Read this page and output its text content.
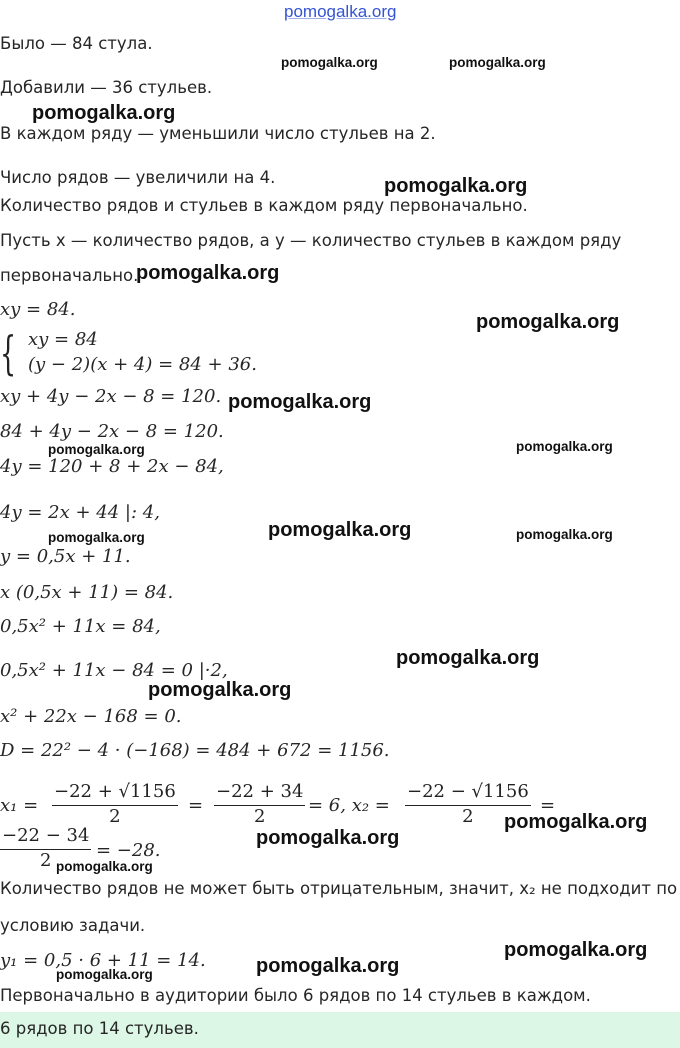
Было — 84 стула.
Добавили — 36 стульев.
В каждом ряду — уменьшили число стульев на 2.
Число рядов — увеличили на 4.
Количество рядов и стульев в каждом ряду первоначально.
Пусть x — количество рядов, а y — количество стульев в каждом ряду
первоначально.
xy = 84.
{ xy = 84
(y − 2)(x + 4) = 84 + 36.
xy + 4y − 2x − 8 = 120.
84 + 4y − 2x − 8 = 120.
4y = 120 + 8 + 2x − 84,
4y = 2x + 44 |: 4,
y = 0,5x + 11.
x (0,5x + 11) = 84.
0,5x² + 11x = 84,
0,5x² + 11x − 84 = 0 |·2,
x² + 22x − 168 = 0.
D = 22² − 4 · (−168) = 484 + 672 = 1156.
$x_1 = \frac{-22 + √1156}{2} = \frac{-22 + 34}{2} = 6$, $x_2 = \frac{-22 - √1156}{2}$ =
$\frac{-22 - 34}{2} = -28$.
Количество рядов не может быть отрицательным, значит, x₂ не подходит по
условию задачи.
y₁ = 0,5 · 6 + 11 = 14.
Первоначально в аудитории было 6 рядов по 14 стульев в каждом.
6 рядов по 14 стульев.
pomogalka.org
pomogalka.org	pomogalka.org
pomogalka.org
pomogalka.org
pomogalka.org
pomogalka.org
pomogalka.org
pomogalka.org	pomogalka.org
pomogalka.org
pomogalka.org	pomogalka.org
pomogalka.org
pomogalka.org
pomogalka.org
pomogalka.org
pomogalka.org
pomogalka.org
pomogalka.org
pomogalka.org
